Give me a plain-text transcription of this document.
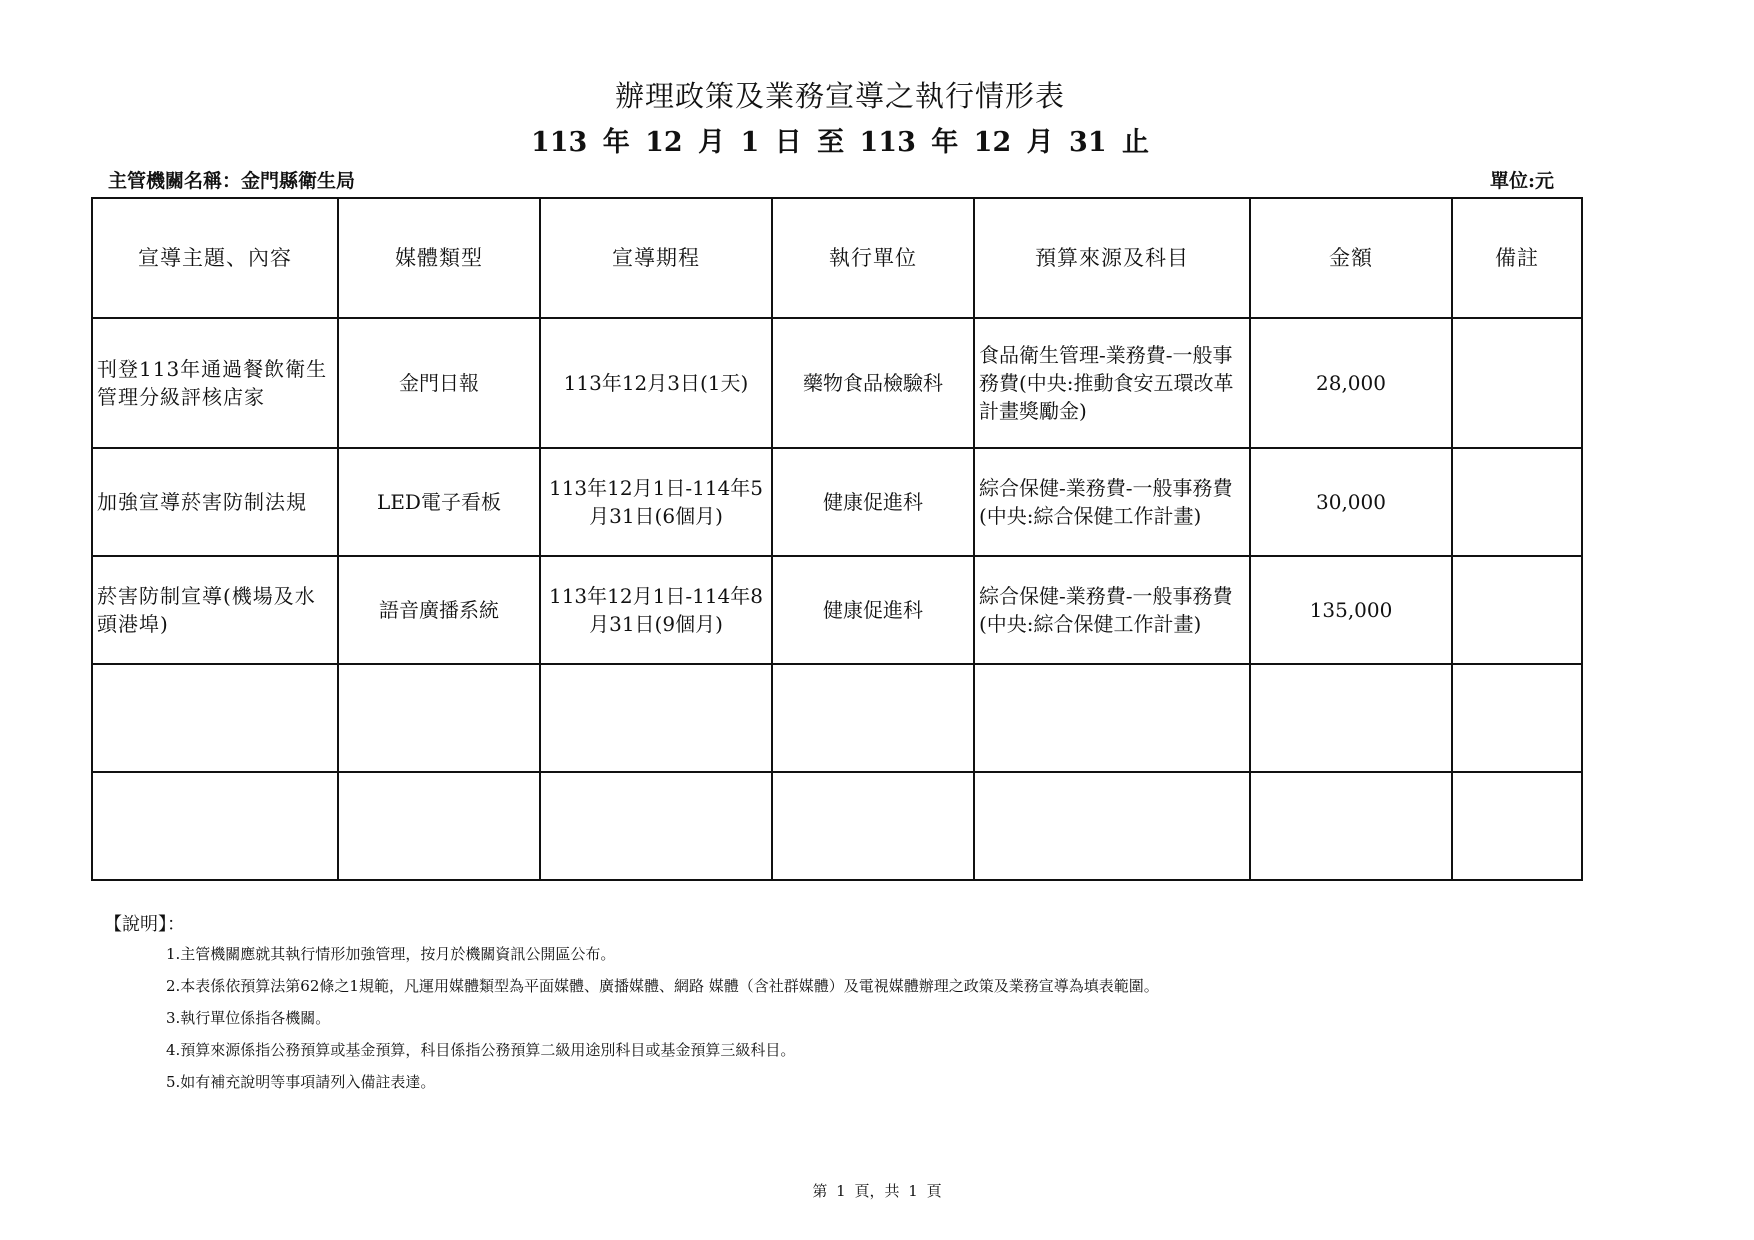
辦理政策及業務宣導之執行情形表
113 年 12 月 1 日 至 113 年 12 月 31 止
主管機關名稱：金門縣衛生局	單位:元
宣導主題、內容	媒體類型	宣導期程	執行單位	預算來源及科目	金額	備註
刊登113年通過餐飲衛生管理分級評核店家	金門日報	113年12月3日(1天)	藥物食品檢驗科	食品衛生管理-業務費-一般事務費(中央:推動食安五環改革計畫獎勵金)	28,000	
加強宣導菸害防制法規	LED電子看板	113年12月1日-114年5月31日(6個月)	健康促進科	綜合保健-業務費-一般事務費(中央:綜合保健工作計畫)	30,000	
菸害防制宣導(機場及水頭港埠)	語音廣播系統	113年12月1日-114年8月31日(9個月)	健康促進科	綜合保健-業務費-一般事務費(中央:綜合保健工作計畫)	135,000	

【說明】：
1.主管機關應就其執行情形加強管理，按月於機關資訊公開區公布。
2.本表係依預算法第62條之1規範，凡運用媒體類型為平面媒體、廣播媒體、網路 媒體（含社群媒體）及電視媒體辦理之政策及業務宣導為填表範圍。
3.執行單位係指各機關。
4.預算來源係指公務預算或基金預算，科目係指公務預算二級用途別科目或基金預算三級科目。
5.如有補充說明等事項請列入備註表達。
第 1 頁，共 1 頁
